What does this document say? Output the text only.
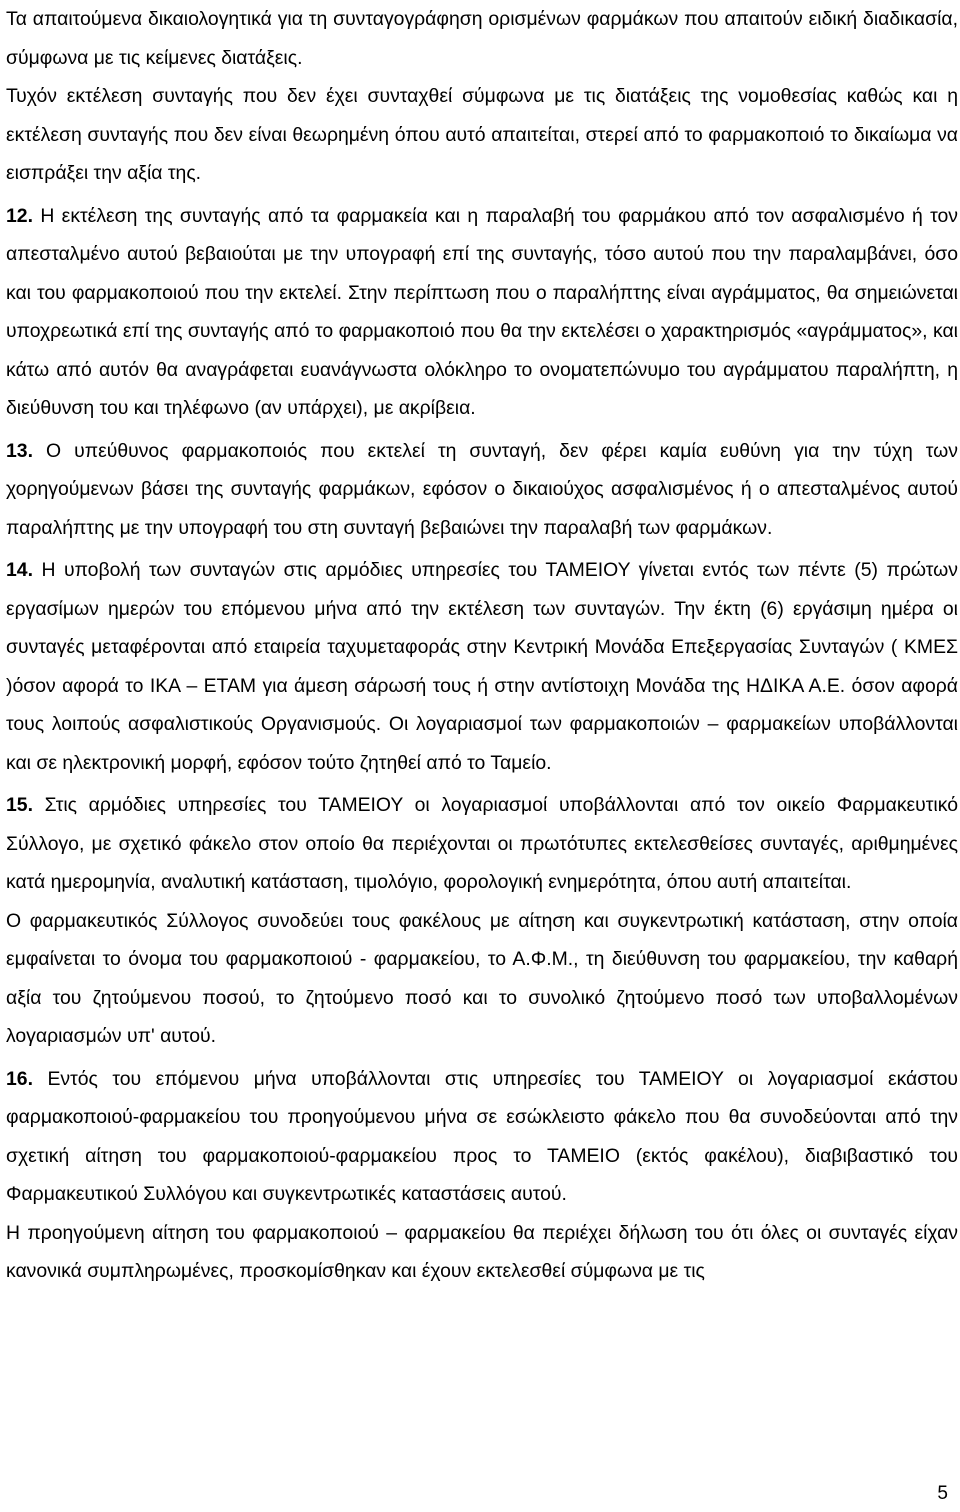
Τα απαιτούμενα δικαιολογητικά για τη συνταγογράφηση ορισμένων φαρμάκων που απαιτούν ειδική διαδικασία, σύμφωνα με τις κείμενες διατάξεις.

Τυχόν εκτέλεση συνταγής που δεν έχει συνταχθεί σύμφωνα με τις διατάξεις της νομοθεσίας καθώς και η εκτέλεση συνταγής που δεν είναι θεωρημένη όπου αυτό απαιτείται, στερεί από το φαρμακοποιό το δικαίωμα να εισπράξει την αξία της.

12. Η εκτέλεση της συνταγής από τα φαρμακεία και η παραλαβή του φαρμάκου από τον ασφαλισμένο ή τον απεσταλμένο αυτού βεβαιούται με την υπογραφή επί της συνταγής, τόσο αυτού που την παραλαμβάνει, όσο και του φαρμακοποιού που την εκτελεί. Στην περίπτωση που ο παραλήπτης είναι αγράμματος, θα σημειώνεται υποχρεωτικά επί της συνταγής από το φαρμακοποιό που θα την εκτελέσει ο χαρακτηρισμός «αγράμματος», και κάτω από αυτόν θα αναγράφεται ευανάγνωστα ολόκληρο το ονοματεπώνυμο του αγράμματου παραλήπτη, η διεύθυνση του και τηλέφωνο (αν υπάρχει), με ακρίβεια.

13. Ο υπεύθυνος φαρμακοποιός που εκτελεί τη συνταγή, δεν φέρει καμία ευθύνη για την τύχη των χορηγούμενων βάσει της συνταγής φαρμάκων, εφόσον ο δικαιούχος ασφαλισμένος ή ο απεσταλμένος αυτού παραλήπτης με την υπογραφή του στη συνταγή βεβαιώνει την παραλαβή των φαρμάκων.

14. Η υποβολή των συνταγών στις αρμόδιες υπηρεσίες του ΤΑΜΕΙΟΥ γίνεται εντός των πέντε (5) πρώτων εργασίμων ημερών του επόμενου μήνα από την εκτέλεση των συνταγών. Την έκτη (6) εργάσιμη ημέρα οι συνταγές μεταφέρονται από εταιρεία ταχυμεταφοράς στην Κεντρική Μονάδα Επεξεργασίας Συνταγών ( ΚΜΕΣ )όσον αφορά το ΙΚΑ – ΕΤΑΜ για άμεση σάρωσή τους ή στην αντίστοιχη Μονάδα της ΗΔΙΚΑ Α.Ε. όσον αφορά τους λοιπούς ασφαλιστικούς Οργανισμούς. Οι λογαριασμοί των φαρμακοποιών – φαρμακείων υποβάλλονται και σε ηλεκτρονική μορφή, εφόσον τούτο ζητηθεί από το Ταμείο.

15. Στις αρμόδιες υπηρεσίες του ΤΑΜΕΙΟΥ οι λογαριασμοί υποβάλλονται από τον οικείο Φαρμακευτικό Σύλλογο, με σχετικό φάκελο στον οποίο θα περιέχονται οι πρωτότυπες εκτελεσθείσες συνταγές, αριθμημένες κατά ημερομηνία, αναλυτική κατάσταση, τιμολόγιο, φορολογική ενημερότητα, όπου αυτή απαιτείται.

Ο φαρμακευτικός Σύλλογος συνοδεύει τους φακέλους με αίτηση και συγκεντρωτική κατάσταση, στην οποία εμφαίνεται το όνομα του φαρμακοποιού - φαρμακείου, το Α.Φ.Μ., τη διεύθυνση του φαρμακείου, την καθαρή αξία του ζητούμενου ποσού, το ζητούμενο ποσό και το συνολικό ζητούμενο ποσό των υποβαλλομένων λογαριασμών υπ' αυτού.

16. Εντός του επόμενου μήνα υποβάλλονται στις υπηρεσίες του ΤΑΜΕΙΟΥ οι λογαριασμοί εκάστου φαρμακοποιού-φαρμακείου του προηγούμενου μήνα σε εσώκλειστο φάκελο που θα συνοδεύονται από την σχετική αίτηση του φαρμακοποιού-φαρμακείου προς το ΤΑΜΕΙΟ (εκτός φακέλου), διαβιβαστικό του Φαρμακευτικού Συλλόγου και συγκεντρωτικές καταστάσεις αυτού.

Η προηγούμενη αίτηση του φαρμακοποιού – φαρμακείου θα περιέχει δήλωση του ότι όλες οι συνταγές είχαν κανονικά συμπληρωμένες, προσκομίσθηκαν και έχουν εκτελεσθεί σύμφωνα με τις

5
